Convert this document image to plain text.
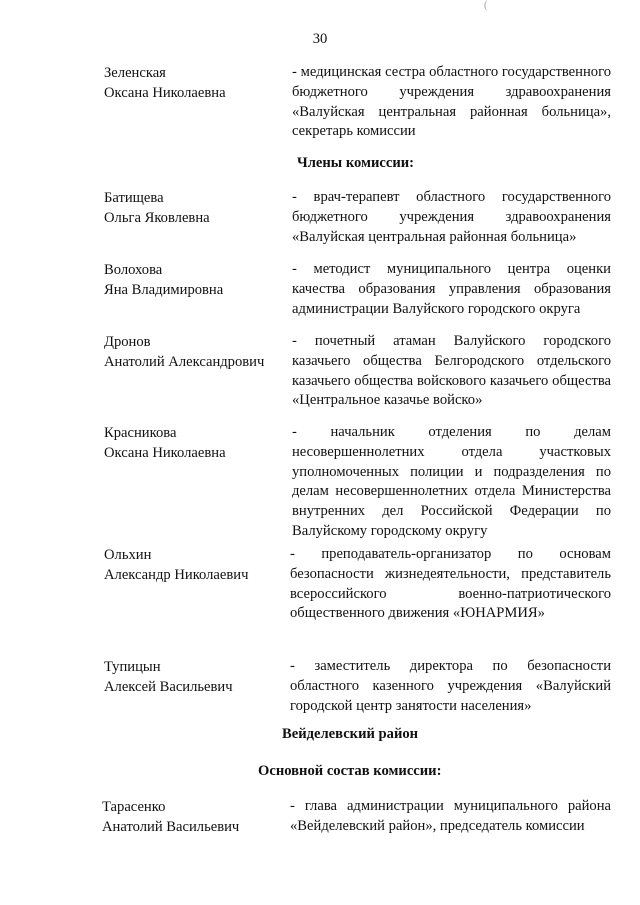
(
30
Зеленская
Оксана Николаевна
- медицинская сестра областного государственного бюджетного учреждения здравоохранения «Валуйская центральная районная больница», секретарь комиссии
Члены комиссии:
Батищева
Ольга Яковлевна
- врач-терапевт областного государственного бюджетного учреждения здравоохранения «Валуйская центральная районная больница»
Волохова
Яна Владимировна
- методист муниципального центра оценки качества образования управления образования администрации Валуйского городского округа
Дронов
Анатолий Александрович
- почетный атаман Валуйского городского казачьего общества Белгородского отдельского казачьего общества войскового казачьего общества «Центральное казачье войско»
Красникова
Оксана Николаевна
- начальник отделения по делам несовершеннолетних отдела участковых уполномоченных полиции и подразделения по делам несовершеннолетних отдела Министерства внутренних дел Российской Федерации по Валуйскому городскому округу
Ольхин
Александр Николаевич
- преподаватель-организатор по основам безопасности жизнедеятельности, представитель всероссийского военно-патриотического общественного движения «ЮНАРМИЯ»
Тупицын
Алексей Васильевич
- заместитель директора по безопасности областного казенного учреждения «Валуйский городской центр занятости населения»
Вейделевский район
Основной состав комиссии:
Тарасенко
Анатолий Васильевич
- глава администрации муниципального района «Вейделевский район», председатель комиссии
